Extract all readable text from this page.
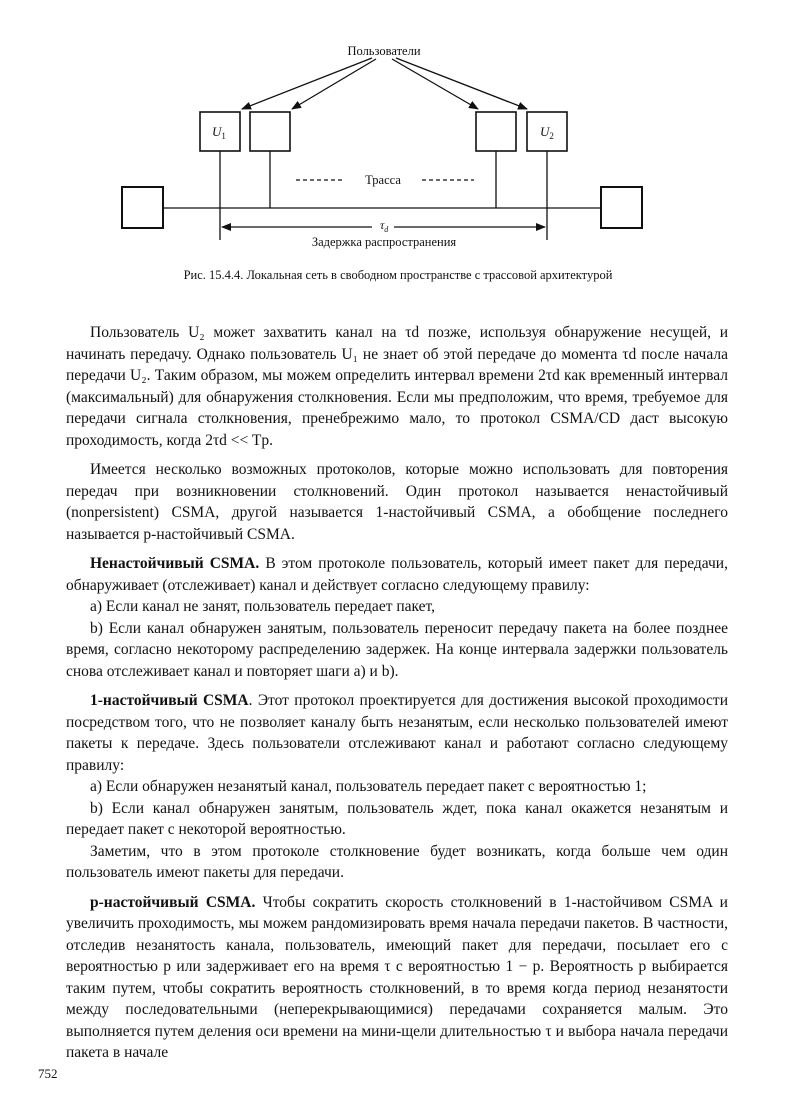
Пользователи
$U_1$	$U_2$
Трасса
$\tau_d$
Задержка распространения
Рис. 15.4.4. Локальная сеть в свободном пространстве с трассовой архитектурой

Пользователь U₂ может захватить канал на τd позже, используя обнаружение несущей, и начинать передачу. Однако пользователь U₁ не знает об этой передаче до момента τd после начала передачи U₂. Таким образом, мы можем определить интервал времени 2τd как временный интервал (максимальный) для обнаружения столкновения. Если мы предположим, что время, требуемое для передачи сигнала столкновения, пренебрежимо мало, то протокол CSMA/CD даст высокую проходимость, когда 2τd << Tp.

Имеется несколько возможных протоколов, которые можно использовать для повторения передач при возникновении столкновений. Один протокол называется ненастойчивый (nonpersistent) CSMA, другой называется 1-настойчивый CSMA, а обобщение последнего называется p-настойчивый CSMA.

Ненастойчивый CSMA. В этом протоколе пользователь, который имеет пакет для передачи, обнаруживает (отслеживает) канал и действует согласно следующему правилу:

а) Если канал не занят, пользователь передает пакет,

b) Если канал обнаружен занятым, пользователь переносит передачу пакета на более позднее время, согласно некоторому распределению задержек. На конце интервала задержки пользователь снова отслеживает канал и повторяет шаги а) и b).

1-настойчивый CSMA. Этот протокол проектируется для достижения высокой проходимости посредством того, что не позволяет каналу быть незанятым, если несколько пользователей имеют пакеты к передаче. Здесь пользователи отслеживают канал и работают согласно следующему правилу:

а) Если обнаружен незанятый канал, пользователь передает пакет с вероятностью 1;

b) Если канал обнаружен занятым, пользователь ждет, пока канал окажется незанятым и передает пакет с некоторой вероятностью.

Заметим, что в этом протоколе столкновение будет возникать, когда больше чем один пользователь имеют пакеты для передачи.

p-настойчивый CSMA. Чтобы сократить скорость столкновений в 1-настойчивом CSMA и увеличить проходимость, мы можем рандомизировать время начала передачи пакетов. В частности, отследив незанятость канала, пользователь, имеющий пакет для передачи, посылает его с вероятностью p или задерживает его на время τ с вероятностью 1 − p. Вероятность p выбирается таким путем, чтобы сократить вероятность столкновений, в то время когда период незанятости между последовательными (неперекрывающимися) передачами сохраняется малым. Это выполняется путем деления оси времени на мини-щели длительностью τ и выбора начала передачи пакета в начале

752
